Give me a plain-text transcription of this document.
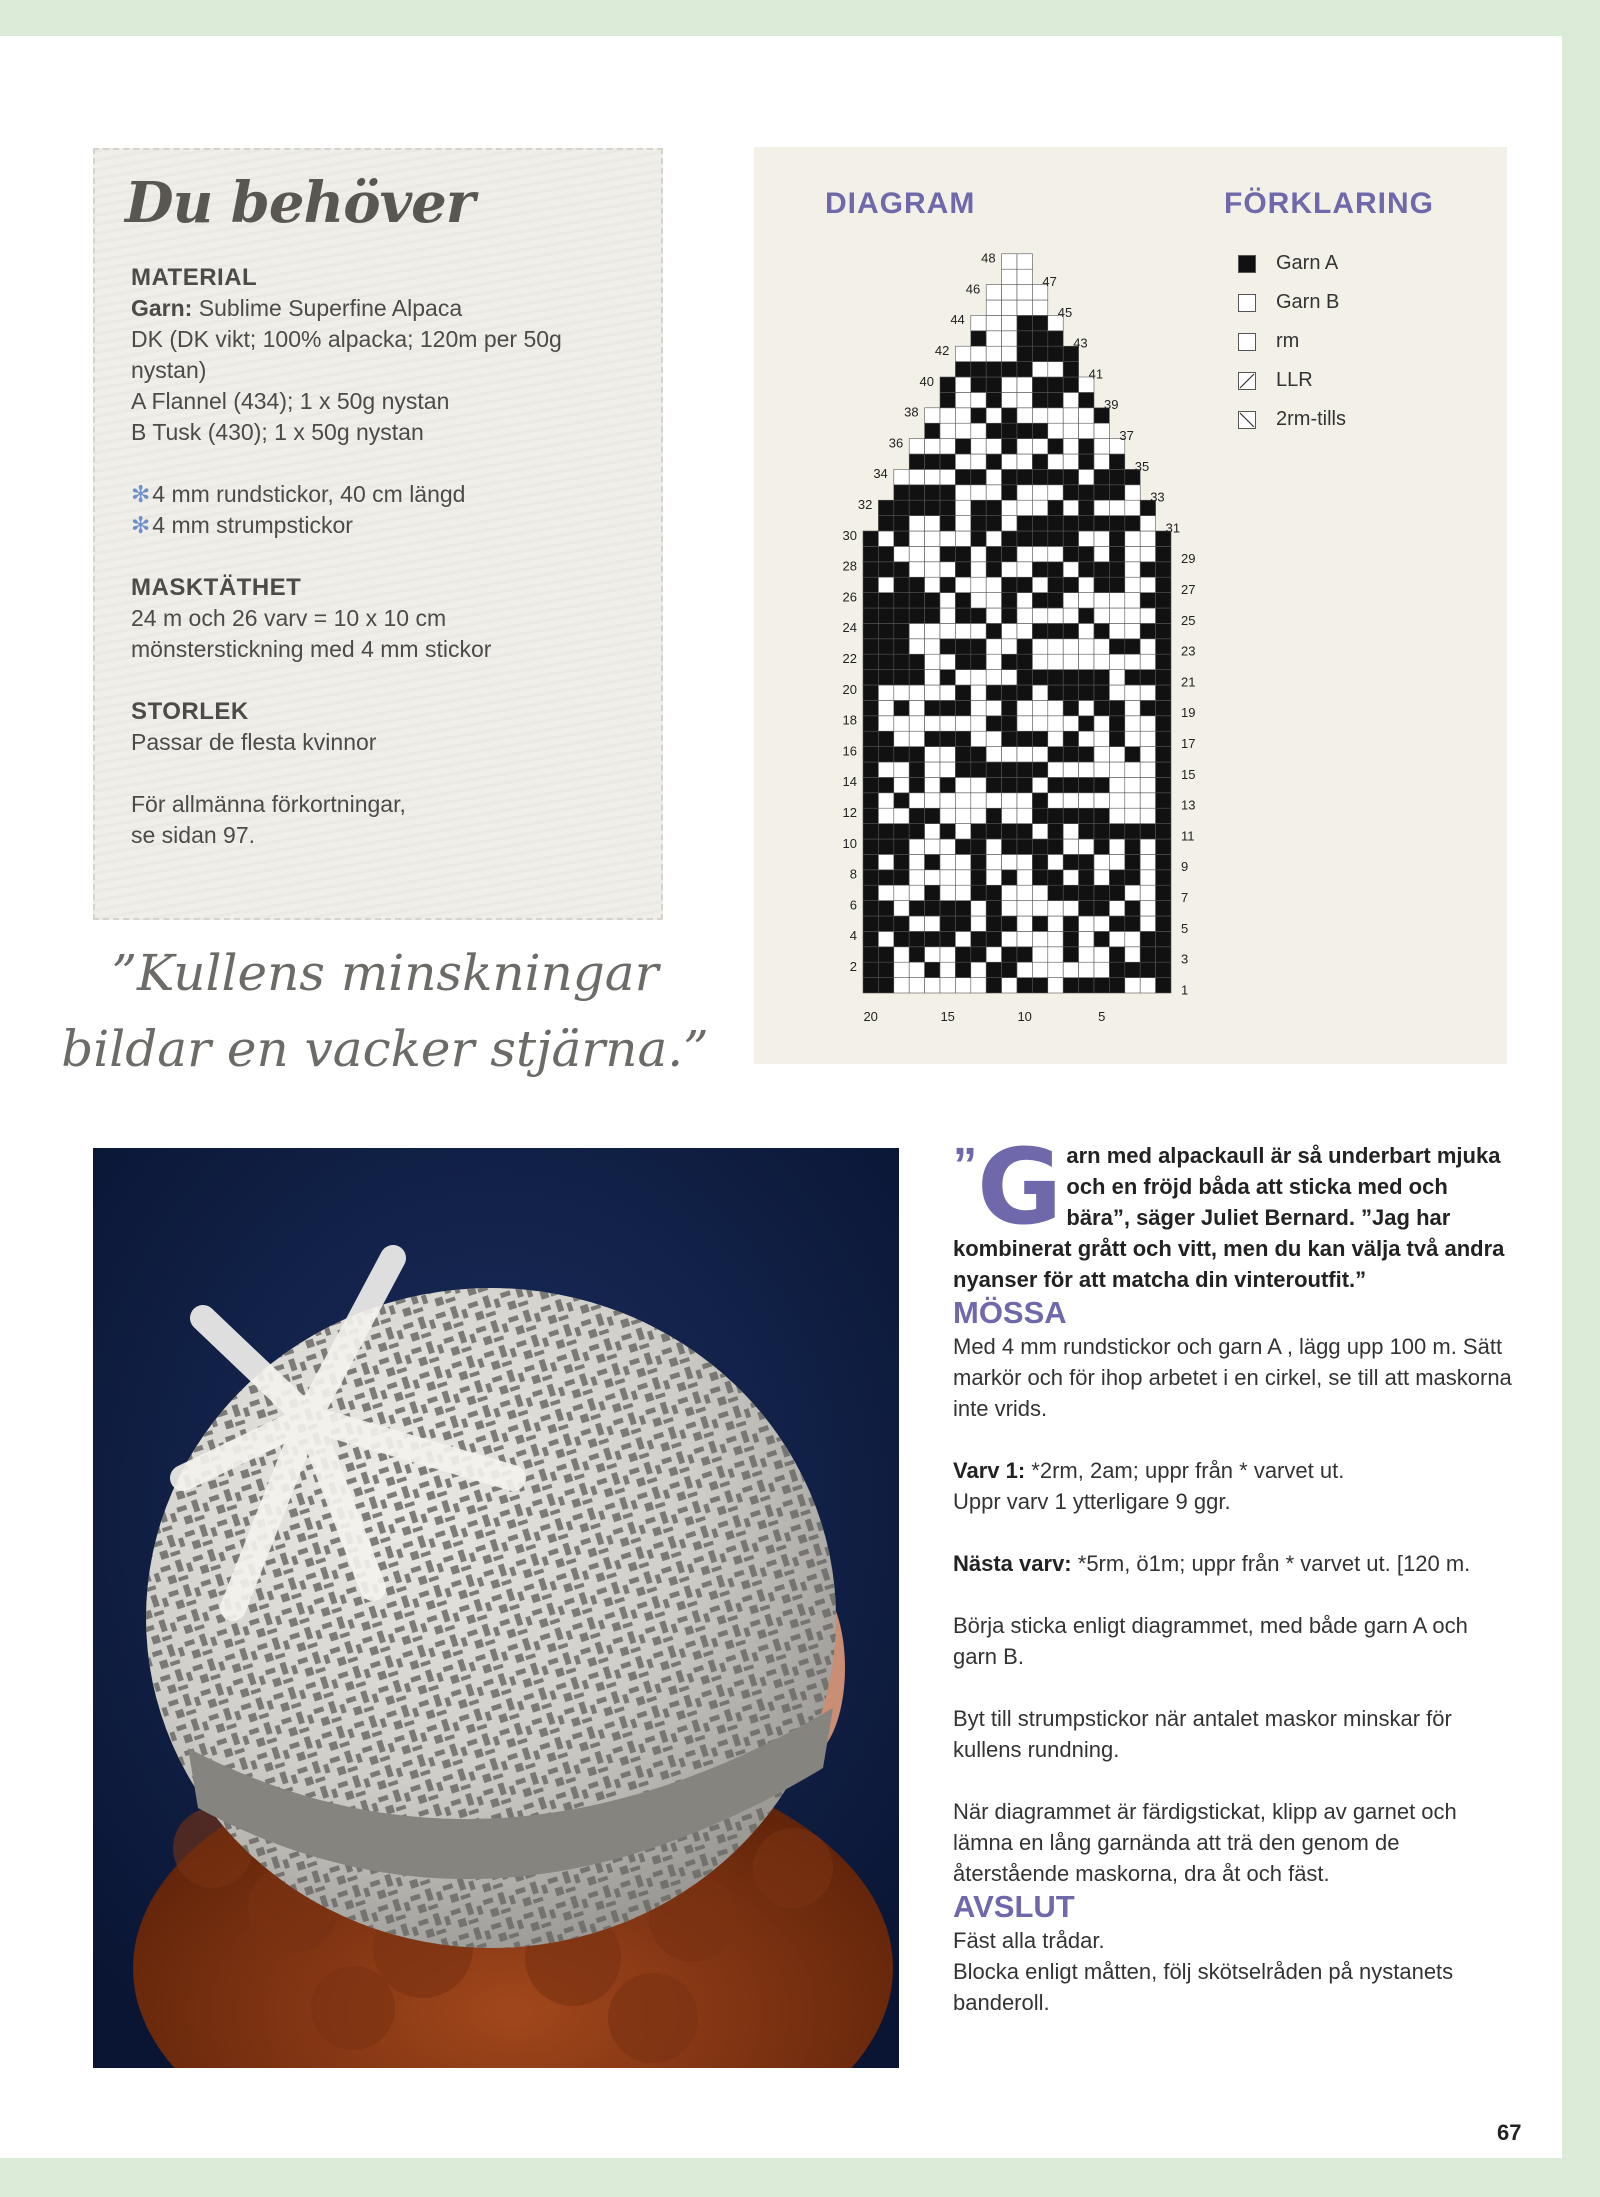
Du behöver

MATERIAL

Garn: Sublime Superfine Alpaca

DK (DK vikt; 100% alpacka; 120m per 50g nystan)

A Flannel (434); 1 x 50g nystan

B Tusk (430); 1 x 50g nystan

✻4 mm rundstickor, 40 cm längd

✻4 mm strumpstickor

MASKTÄTHET

24 m och 26 varv = 10 x 10 cm

mönsterstickning med 4 mm stickor

STORLEK

Passar de flesta kvinnor

För allmänna förkortningar,

se sidan 97.

”Kullens minskningar
bildar en vacker stjärna.”
1
2	3
4	5
6	7
8	9
10	11
12	13
14	15
16	17
18	19
20	21
22	23
24	25
26	27
28	29
30	31
32	33
34	35
36	37
38	39
40	41
42	43
44	45
46	47
48
20	15	10	5
DIAGRAM	FÖRKLARING
Garn A
Garn B
rm
LLR
2rm-tills

” G arn med alpackaull är så underbart mjuka och en fröjd båda att sticka med och bära”, säger Juliet Bernard. ”Jag har kombinerat grått och vitt, men du kan välja två andra nyanser för att matcha din vinteroutfit.”

MÖSSA

Med 4 mm rundstickor och garn A , lägg upp 100 m. Sätt markör och för ihop arbetet i en cirkel, se till att maskorna inte vrids.

Varv 1: *2rm, 2am; uppr från * varvet ut.

Uppr varv 1 ytterligare 9 ggr.

Nästa varv: *5rm, ö1m; uppr från * varvet ut. [120 m.

Börja sticka enligt diagrammet, med både garn A och garn B.

Byt till strumpstickor när antalet maskor minskar för kullens rundning.

När diagrammet är färdigstickat, klipp av garnet och lämna en lång garnända att trä den genom de återstående maskorna, dra åt och fäst.

AVSLUT

Fäst alla trådar.

Blocka enligt måtten, följ skötselråden på nystanets banderoll.

67
